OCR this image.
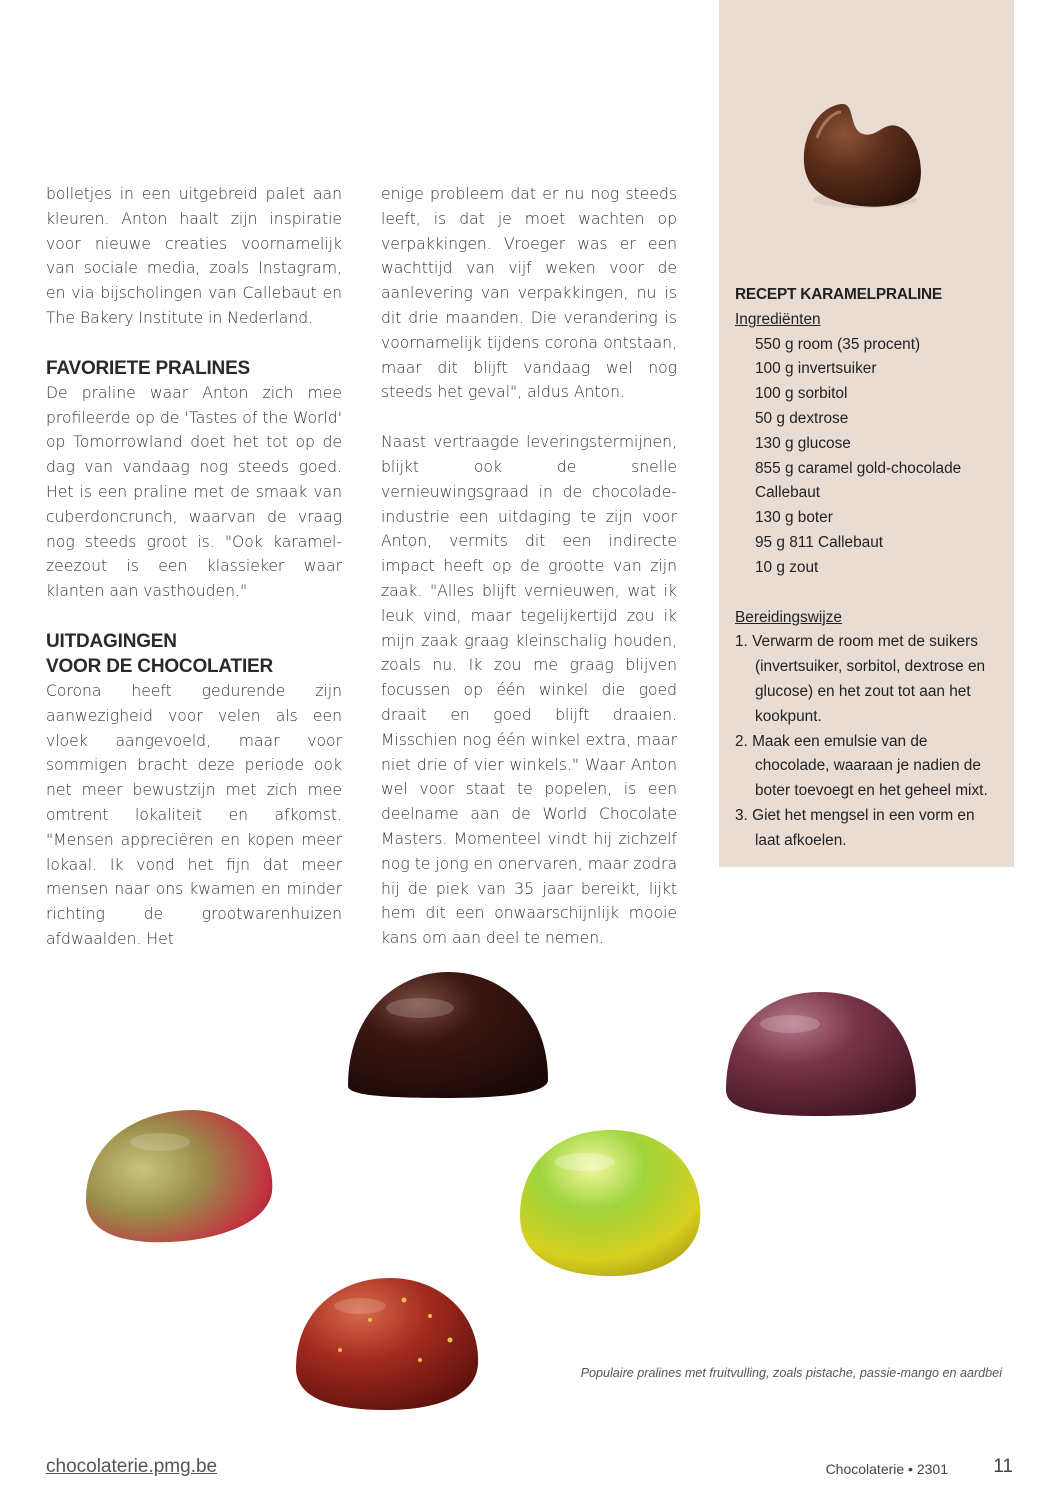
bolletjes in een uitgebreid palet aan kleuren. Anton haalt zijn inspiratie voor nieuwe creaties voornamelijk van sociale media, zoals Instagram, en via bijscholingen van Callebaut en The Bakery Institute in Nederland.

FAVORIETE PRALINES

De praline waar Anton zich mee profileerde op de 'Tastes of the World' op Tomorrowland doet het tot op de dag van vandaag nog steeds goed. Het is een praline met de smaak van cuberdoncrunch, waarvan de vraag nog steeds groot is. "Ook karamel-zeezout is een klassieker waar klanten aan vasthouden."

UITDAGINGEN
VOOR DE CHOCOLATIER

Corona heeft gedurende zijn aanwezigheid voor velen als een vloek aangevoeld, maar voor sommigen bracht deze periode ook net meer bewustzijn met zich mee omtrent lokaliteit en afkomst. "Mensen appreciëren en kopen meer lokaal. Ik vond het fijn dat meer mensen naar ons kwamen en minder richting de grootwarenhuizen afdwaalden. Het

enige probleem dat er nu nog steeds leeft, is dat je moet wachten op verpakkingen. Vroeger was er een wachttijd van vijf weken voor de aanlevering van verpakkingen, nu is dit drie maanden. Die verandering is voornamelijk tijdens corona ontstaan, maar dit blijft vandaag wel nog steeds het geval", aldus Anton.

Naast vertraagde leveringstermijnen, blijkt ook de snelle vernieuwingsgraad in de chocolade-industrie een uitdaging te zijn voor Anton, vermits dit een indirecte impact heeft op de grootte van zijn zaak. "Alles blijft vernieuwen, wat ik leuk vind, maar tegelijkertijd zou ik mijn zaak graag kleinschalig houden, zoals nu. Ik zou me graag blijven focussen op één winkel die goed draait en goed blijft draaien. Misschien nog één winkel extra, maar niet drie of vier winkels." Waar Anton wel voor staat te popelen, is een deelname aan de World Chocolate Masters. Momenteel vindt hij zichzelf nog te jong en onervaren, maar zodra hij de piek van 35 jaar bereikt, lijkt hem dit een onwaarschijnlijk mooie kans om aan deel te nemen.

RECEPT KARAMELPRALINE
Ingrediënten
550 g room (35 procent)
100 g invertsuiker
100 g sorbitol
50 g dextrose
130 g glucose
855 g caramel gold-chocolade Callebaut
130 g boter
95 g 811 Callebaut
10 g zout
Bereidingswijze
1. Verwarm de room met de suikers (invertsuiker, sorbitol, dextrose en glucose) en het zout tot aan het kookpunt.
2. Maak een emulsie van de chocolade, waaraan je nadien de boter toevoegt en het geheel mixt.
3. Giet het mengsel in een vorm en laat afkoelen.
Populaire pralines met fruitvulling, zoals pistache, passie-mango en aardbei
chocolaterie.pmg.be	Chocolaterie • 2301 11
